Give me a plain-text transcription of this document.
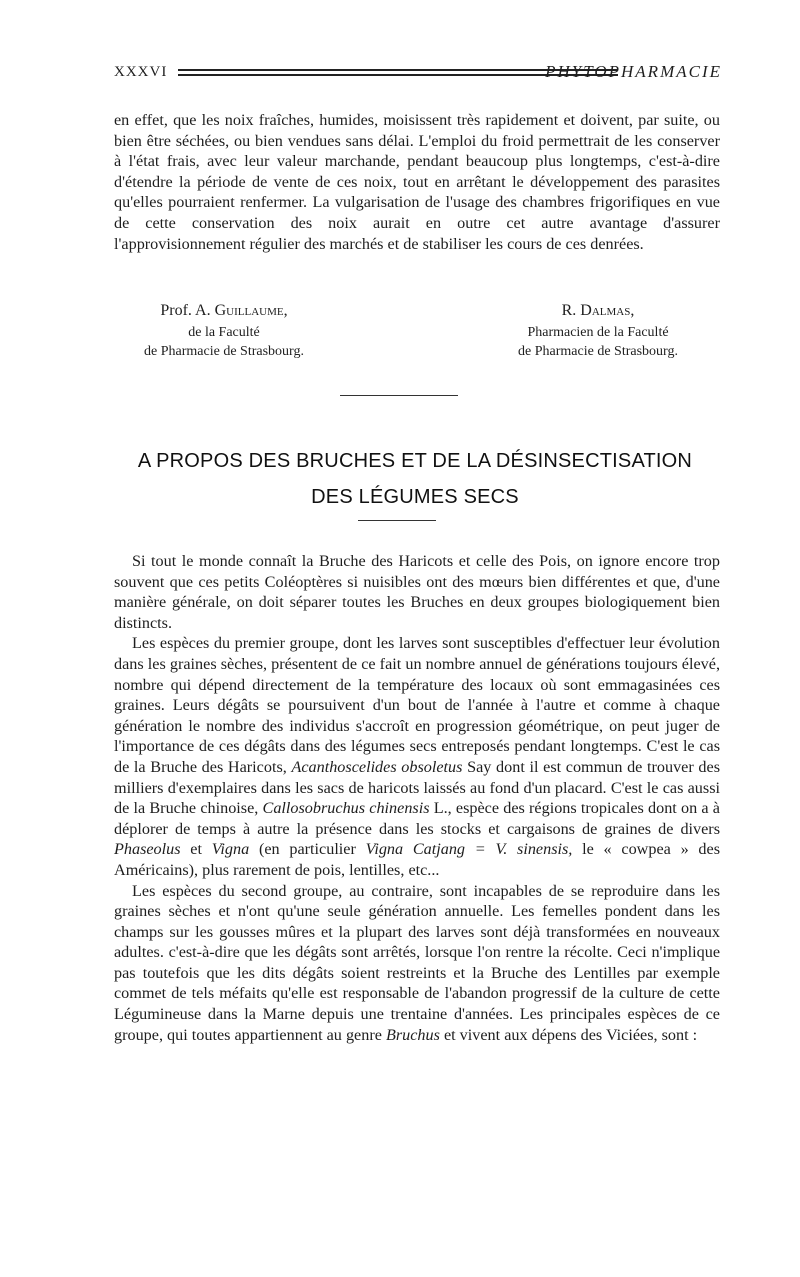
XXXVI	PHYTOPHARMACIE

en effet, que les noix fraîches, humides, moisissent très rapidement et doivent, par suite, ou bien être séchées, ou bien vendues sans délai. L'emploi du froid permettrait de les conserver à l'état frais, avec leur valeur marchande, pendant beaucoup plus longtemps, c'est-à-dire d'étendre la période de vente de ces noix, tout en arrêtant le développement des parasites qu'elles pourraient renfermer. La vulgarisation de l'usage des chambres frigorifiques en vue de cette conservation des noix aurait en outre cet autre avantage d'assurer l'approvisionnement régulier des marchés et de stabiliser les cours de ces denrées.

Prof. A. Guillaume,
de la Faculté
de Pharmacie de Strasbourg.
R. Dalmas,
Pharmacien de la Faculté
de Pharmacie de Strasbourg.
A PROPOS DES BRUCHES ET DE LA DÉSINSECTISATION
DES LÉGUMES SECS

Si tout le monde connaît la Bruche des Haricots et celle des Pois, on ignore encore trop souvent que ces petits Coléoptères si nuisibles ont des mœurs bien différentes et que, d'une manière générale, on doit séparer toutes les Bruches en deux groupes biologiquement bien distincts.

Les espèces du premier groupe, dont les larves sont susceptibles d'effectuer leur évolution dans les graines sèches, présentent de ce fait un nombre annuel de générations toujours élevé, nombre qui dépend directement de la température des locaux où sont emmagasinées ces graines. Leurs dégâts se poursuivent d'un bout de l'année à l'autre et comme à chaque génération le nombre des individus s'accroît en progression géométrique, on peut juger de l'importance de ces dégâts dans des légumes secs entreposés pendant longtemps. C'est le cas de la Bruche des Haricots, Acanthoscelides obsoletus Say dont il est commun de trouver des milliers d'exemplaires dans les sacs de haricots laissés au fond d'un placard. C'est le cas aussi de la Bruche chinoise, Callosobruchus chinensis L., espèce des régions tropicales dont on a à déplorer de temps à autre la présence dans les stocks et cargaisons de graines de divers Phaseolus et Vigna (en particulier Vigna Catjang = V. sinensis, le « cowpea » des Américains), plus rarement de pois, lentilles, etc...

Les espèces du second groupe, au contraire, sont incapables de se reproduire dans les graines sèches et n'ont qu'une seule génération annuelle. Les femelles pondent dans les champs sur les gousses mûres et la plupart des larves sont déjà transformées en nouveaux adultes. c'est-à-dire que les dégâts sont arrêtés, lorsque l'on rentre la récolte. Ceci n'implique pas toutefois que les dits dégâts soient restreints et la Bruche des Lentilles par exemple commet de tels méfaits qu'elle est responsable de l'abandon progressif de la culture de cette Légumineuse dans la Marne depuis une trentaine d'années. Les principales espèces de ce groupe, qui toutes appartiennent au genre Bruchus et vivent aux dépens des Viciées, sont :
